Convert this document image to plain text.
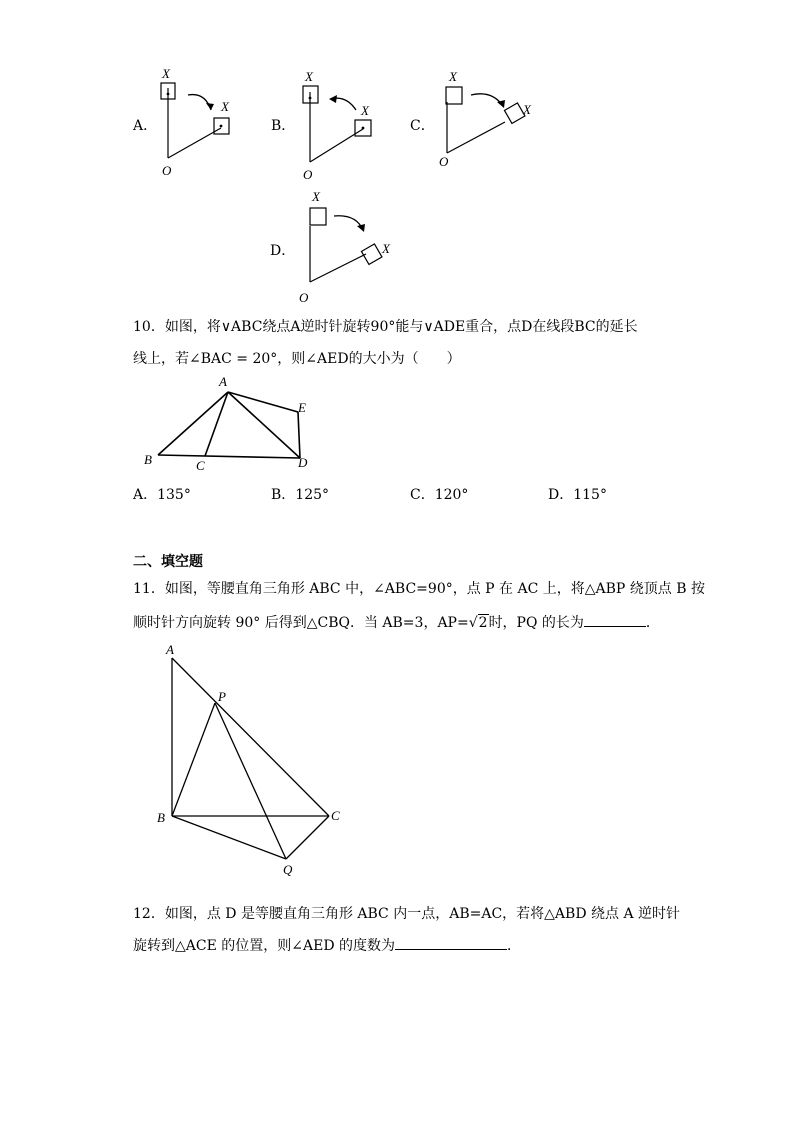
A．
X
X
O
B．
X
X
O
C．
X
X
O
D．
X
X
O
10．如图，将∨ABC绕点A逆时针旋转90°能与∨ADE重合，点D在线段BC的延长
线上，若∠BAC = 20°，则∠AED的大小为（　　）
A
B	C	D
E
A．135°	B．125°	C．120°	D．115°
二、填空题
11．如图，等腰直角三角形 ABC 中，∠ABC=90°，点 P 在 AC 上，将△ABP 绕顶点 B 按
顺时针方向旋转 90° 后得到△CBQ．当 AB=3，AP=√2时，PQ 的长为	．
A
B	C
P
Q
12．如图，点 D 是等腰直角三角形 ABC 内一点，AB=AC，若将△ABD 绕点 A 逆时针
旋转到△ACE 的位置，则∠AED 的度数为	．
